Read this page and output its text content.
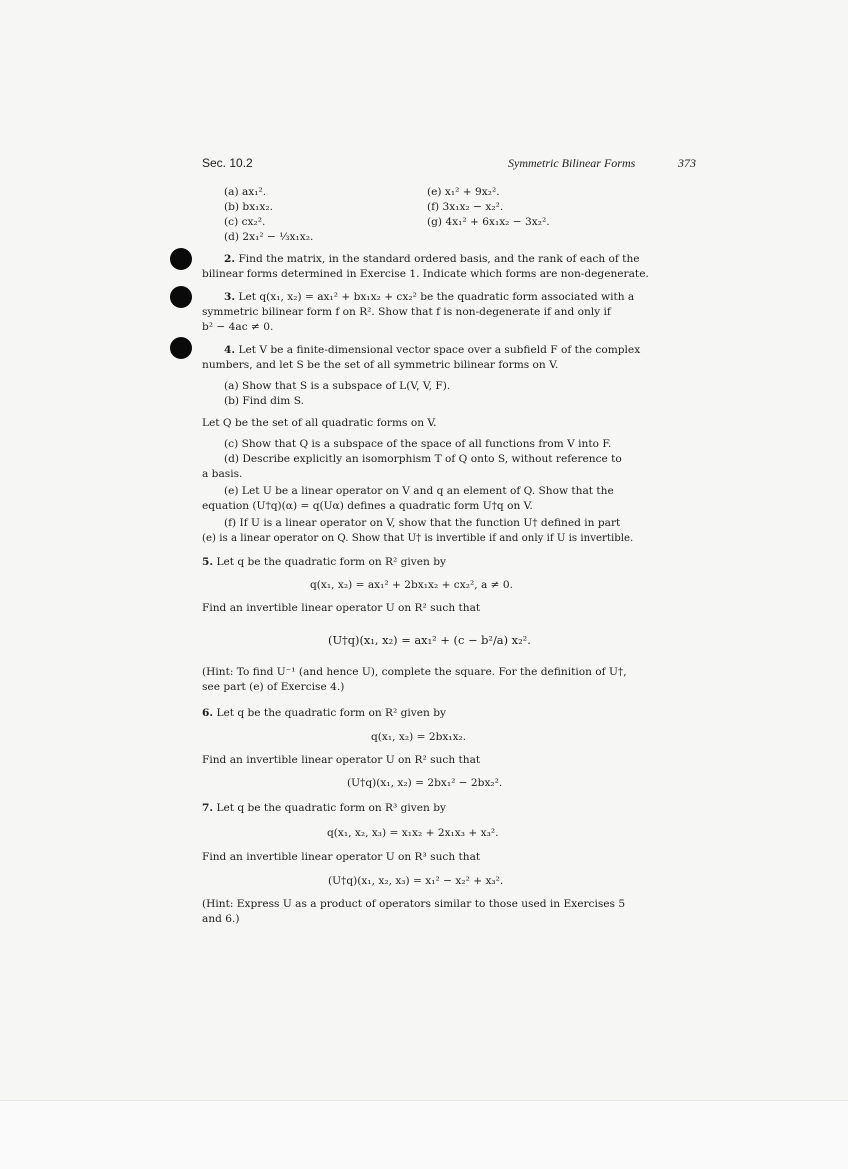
Sec. 10.2	Symmetric Bilinear Forms	373
(a) ax₁².
(b) bx₁x₂.
(c) cx₂².
(d) 2x₁² − ⅓x₁x₂.
(e) x₁² + 9x₂².
(f) 3x₁x₂ − x₂².
(g) 4x₁² + 6x₁x₂ − 3x₂².
2. Find the matrix, in the standard ordered basis, and the rank of each of the
bilinear forms determined in Exercise 1. Indicate which forms are non-degenerate.
3. Let q(x₁, x₂) = ax₁² + bx₁x₂ + cx₂² be the quadratic form associated with a
symmetric bilinear form f on R². Show that f is non-degenerate if and only if
b² − 4ac ≠ 0.
4. Let V be a finite-dimensional vector space over a subfield F of the complex
numbers, and let S be the set of all symmetric bilinear forms on V.
(a) Show that S is a subspace of L(V, V, F).
(b) Find dim S.
Let Q be the set of all quadratic forms on V.
(c) Show that Q is a subspace of the space of all functions from V into F.
(d) Describe explicitly an isomorphism T of Q onto S, without reference to
a basis.
(e) Let U be a linear operator on V and q an element of Q. Show that the
equation (U†q)(α) = q(Uα) defines a quadratic form U†q on V.
(f) If U is a linear operator on V, show that the function U† defined in part
(e) is a linear operator on Q. Show that U† is invertible if and only if U is invertible.
5. Let q be the quadratic form on R² given by
q(x₁, x₂) = ax₁² + 2bx₁x₂ + cx₂², a ≠ 0.
Find an invertible linear operator U on R² such that
(U†q)(x₁, x₂) = ax₁² + (c − b²/a) x₂².
(Hint: To find U⁻¹ (and hence U), complete the square. For the definition of U†,
see part (e) of Exercise 4.)
6. Let q be the quadratic form on R² given by
q(x₁, x₂) = 2bx₁x₂.
Find an invertible linear operator U on R² such that
(U†q)(x₁, x₂) = 2bx₁² − 2bx₂².
7. Let q be the quadratic form on R³ given by
q(x₁, x₂, x₃) = x₁x₂ + 2x₁x₃ + x₃².
Find an invertible linear operator U on R³ such that
(U†q)(x₁, x₂, x₃) = x₁² − x₂² + x₃².
(Hint: Express U as a product of operators similar to those used in Exercises 5
and 6.)
